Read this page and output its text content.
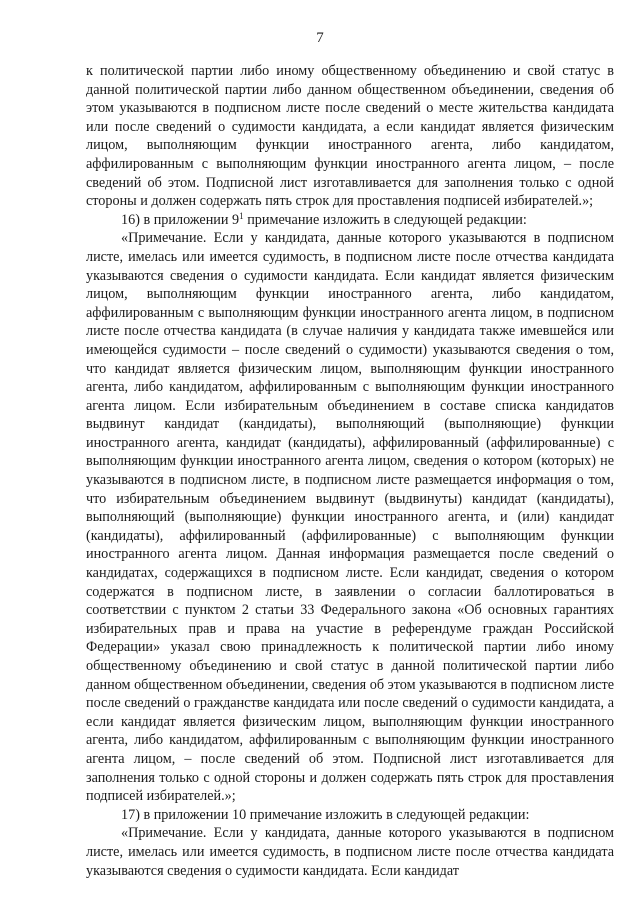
7

к политической партии либо иному общественному объединению и свой статус в данной политической партии либо данном общественном объединении, сведения об этом указываются в подписном листе после сведений о месте жительства кандидата или после сведений о судимости кандидата, а если кандидат является физическим лицом, выполняющим функции иностранного агента, либо кандидатом, аффилированным с выполняющим функции иностранного агента лицом, – после сведений об этом. Подписной лист изготавливается для заполнения только с одной стороны и должен содержать пять строк для проставления подписей избирателей.»;

16) в приложении $9^1$ примечание изложить в следующей редакции:

«Примечание. Если у кандидата, данные которого указываются в подписном листе, имелась или имеется судимость, в подписном листе после отчества кандидата указываются сведения о судимости кандидата. Если кандидат является физическим лицом, выполняющим функции иностранного агента, либо кандидатом, аффилированным с выполняющим функции иностранного агента лицом, в подписном листе после отчества кандидата (в случае наличия у кандидата также имевшейся или имеющейся судимости – после сведений о судимости) указываются сведения о том, что кандидат является физическим лицом, выполняющим функции иностранного агента, либо кандидатом, аффилированным с выполняющим функции иностранного агента лицом. Если избирательным объединением в составе списка кандидатов выдвинут кандидат (кандидаты), выполняющий (выполняющие) функции иностранного агента, кандидат (кандидаты), аффилированный (аффилированные) с выполняющим функции иностранного агента лицом, сведения о котором (которых) не указываются в подписном листе, в подписном листе размещается информация о том, что избирательным объединением выдвинут (выдвинуты) кандидат (кандидаты), выполняющий (выполняющие) функции иностранного агента, и (или) кандидат (кандидаты), аффилированный (аффилированные) с выполняющим функции иностранного агента лицом. Данная информация размещается после сведений о кандидатах, содержащихся в подписном листе. Если кандидат, сведения о котором содержатся в подписном листе, в заявлении о согласии баллотироваться в соответствии с пунктом 2 статьи 33 Федерального закона «Об основных гарантиях избирательных прав и права на участие в референдуме граждан Российской Федерации» указал свою принадлежность к политической партии либо иному общественному объединению и свой статус в данной политической партии либо данном общественном объединении, сведения об этом указываются в подписном листе после сведений о гражданстве кандидата или после сведений о судимости кандидата, а если кандидат является физическим лицом, выполняющим функции иностранного агента, либо кандидатом, аффилированным с выполняющим функции иностранного агента лицом, – после сведений об этом. Подписной лист изготавливается для заполнения только с одной стороны и должен содержать пять строк для проставления подписей избирателей.»;

17) в приложении 10 примечание изложить в следующей редакции:

«Примечание. Если у кандидата, данные которого указываются в подписном листе, имелась или имеется судимость, в подписном листе после отчества кандидата указываются сведения о судимости кандидата. Если кандидат
